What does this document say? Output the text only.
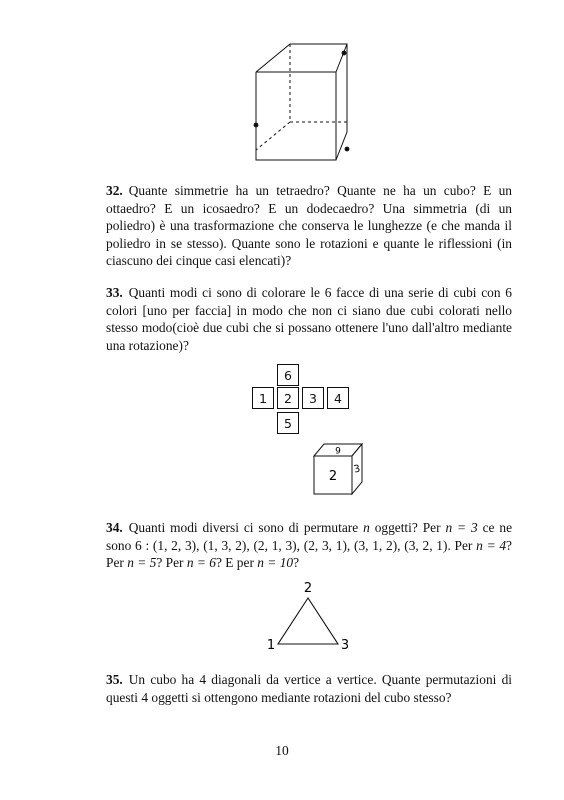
32. Quante simmetrie ha un tetraedro? Quante ne ha un cubo? E un ottaedro? E un icosaedro? E un dodecaedro? Una simmetria (di un poliedro) è una trasformazione che conserva le lunghezze (e che manda il poliedro in se stesso). Quante sono le rotazioni e quante le riflessioni (in ciascuno dei cinque casi elencati)?
33. Quanti modi ci sono di colorare le 6 facce di una serie di cubi con 6 colori [uno per faccia] in modo che non ci siano due cubi colorati nello stesso modo(cioè due cubi che si possano ottenere l'uno dall'altro mediante una rotazione)?
6
1	2	3	4
5
2
6
3
34. Quanti modi diversi ci sono di permutare n oggetti? Per n = 3 ce ne sono 6 : (1, 2, 3), (1, 3, 2), (2, 1, 3), (2, 3, 1), (3, 1, 2), (3, 2, 1). Per n = 4? Per n = 5? Per n = 6? E per n = 10?
2
1	3
35. Un cubo ha 4 diagonali da vertice a vertice. Quante permutazioni di questi 4 oggetti si ottengono mediante rotazioni del cubo stesso?
10
